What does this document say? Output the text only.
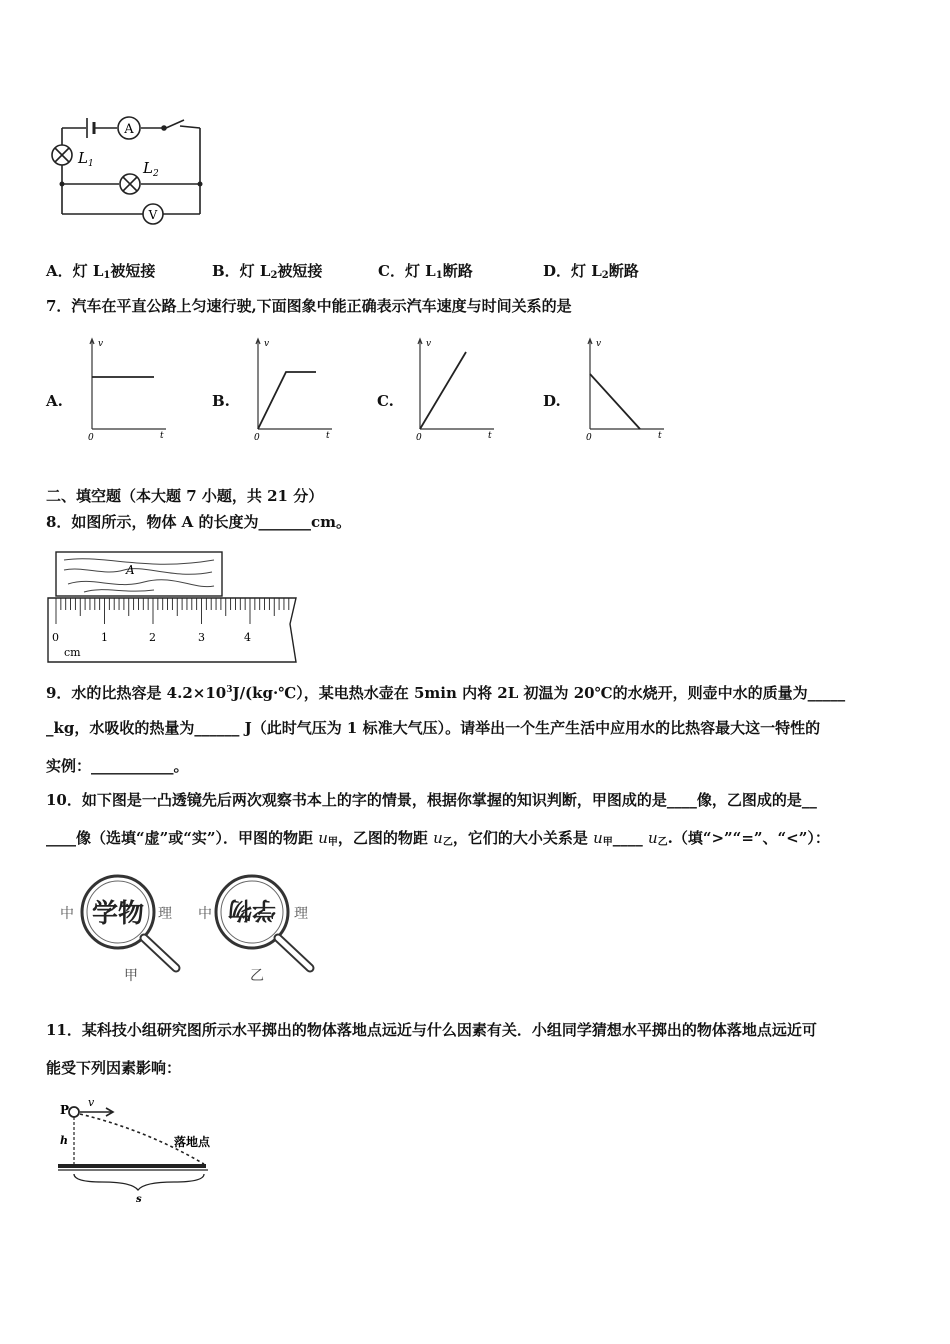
A
$L_1$	$L_2$
V
A．灯 $L_1$被短接	B．灯 $L_2$被短接	C．灯 $L_1$断路	D．灯 $L_2$断路
7．汽车在平直公路上匀速行驶,下面图象中能正确表示汽车速度与时间关系的是
A.
v
0	t
B.
v
0	t
C.
v
0	t
D.
v
0	t
二、填空题（本大题 7 小题，共 21 分）
8．如图所示，物体 A 的长度为_______cm。
A
0	1	2	3	4
cm
9．水的比热容是 $4.2\times 10^3J/(kg\cdot℃)$，某电热水壶在 5min 内将 2L 初温为 20℃的水烧开，则壶中水的质量为_____
_kg，水吸收的热量为______ J（此时气压为 1 标准大气压）。请举出一个生产生活中应用水的比热容最大这一特性的
实例：___________。
10．如下图是一凸透镜先后两次观察书本上的字的情景，根据你掌握的知识判断，甲图成的是____像，乙图成的是__
____像（选填“虚”或“实”）．甲图的物距 $u_甲$，乙图的物距 $u_乙$，它们的大小关系是 $u_甲\_\_\_\_$ $u_乙$.（填“>”“=”、“<”）：
中 学物 理
甲
中 学物 理
乙
11．某科技小组研究图所示水平掷出的物体落地点远近与什么因素有关．小组同学猜想水平掷出的物体落地点远近可
能受下列因素影响：
P
v
h	落地点
s
